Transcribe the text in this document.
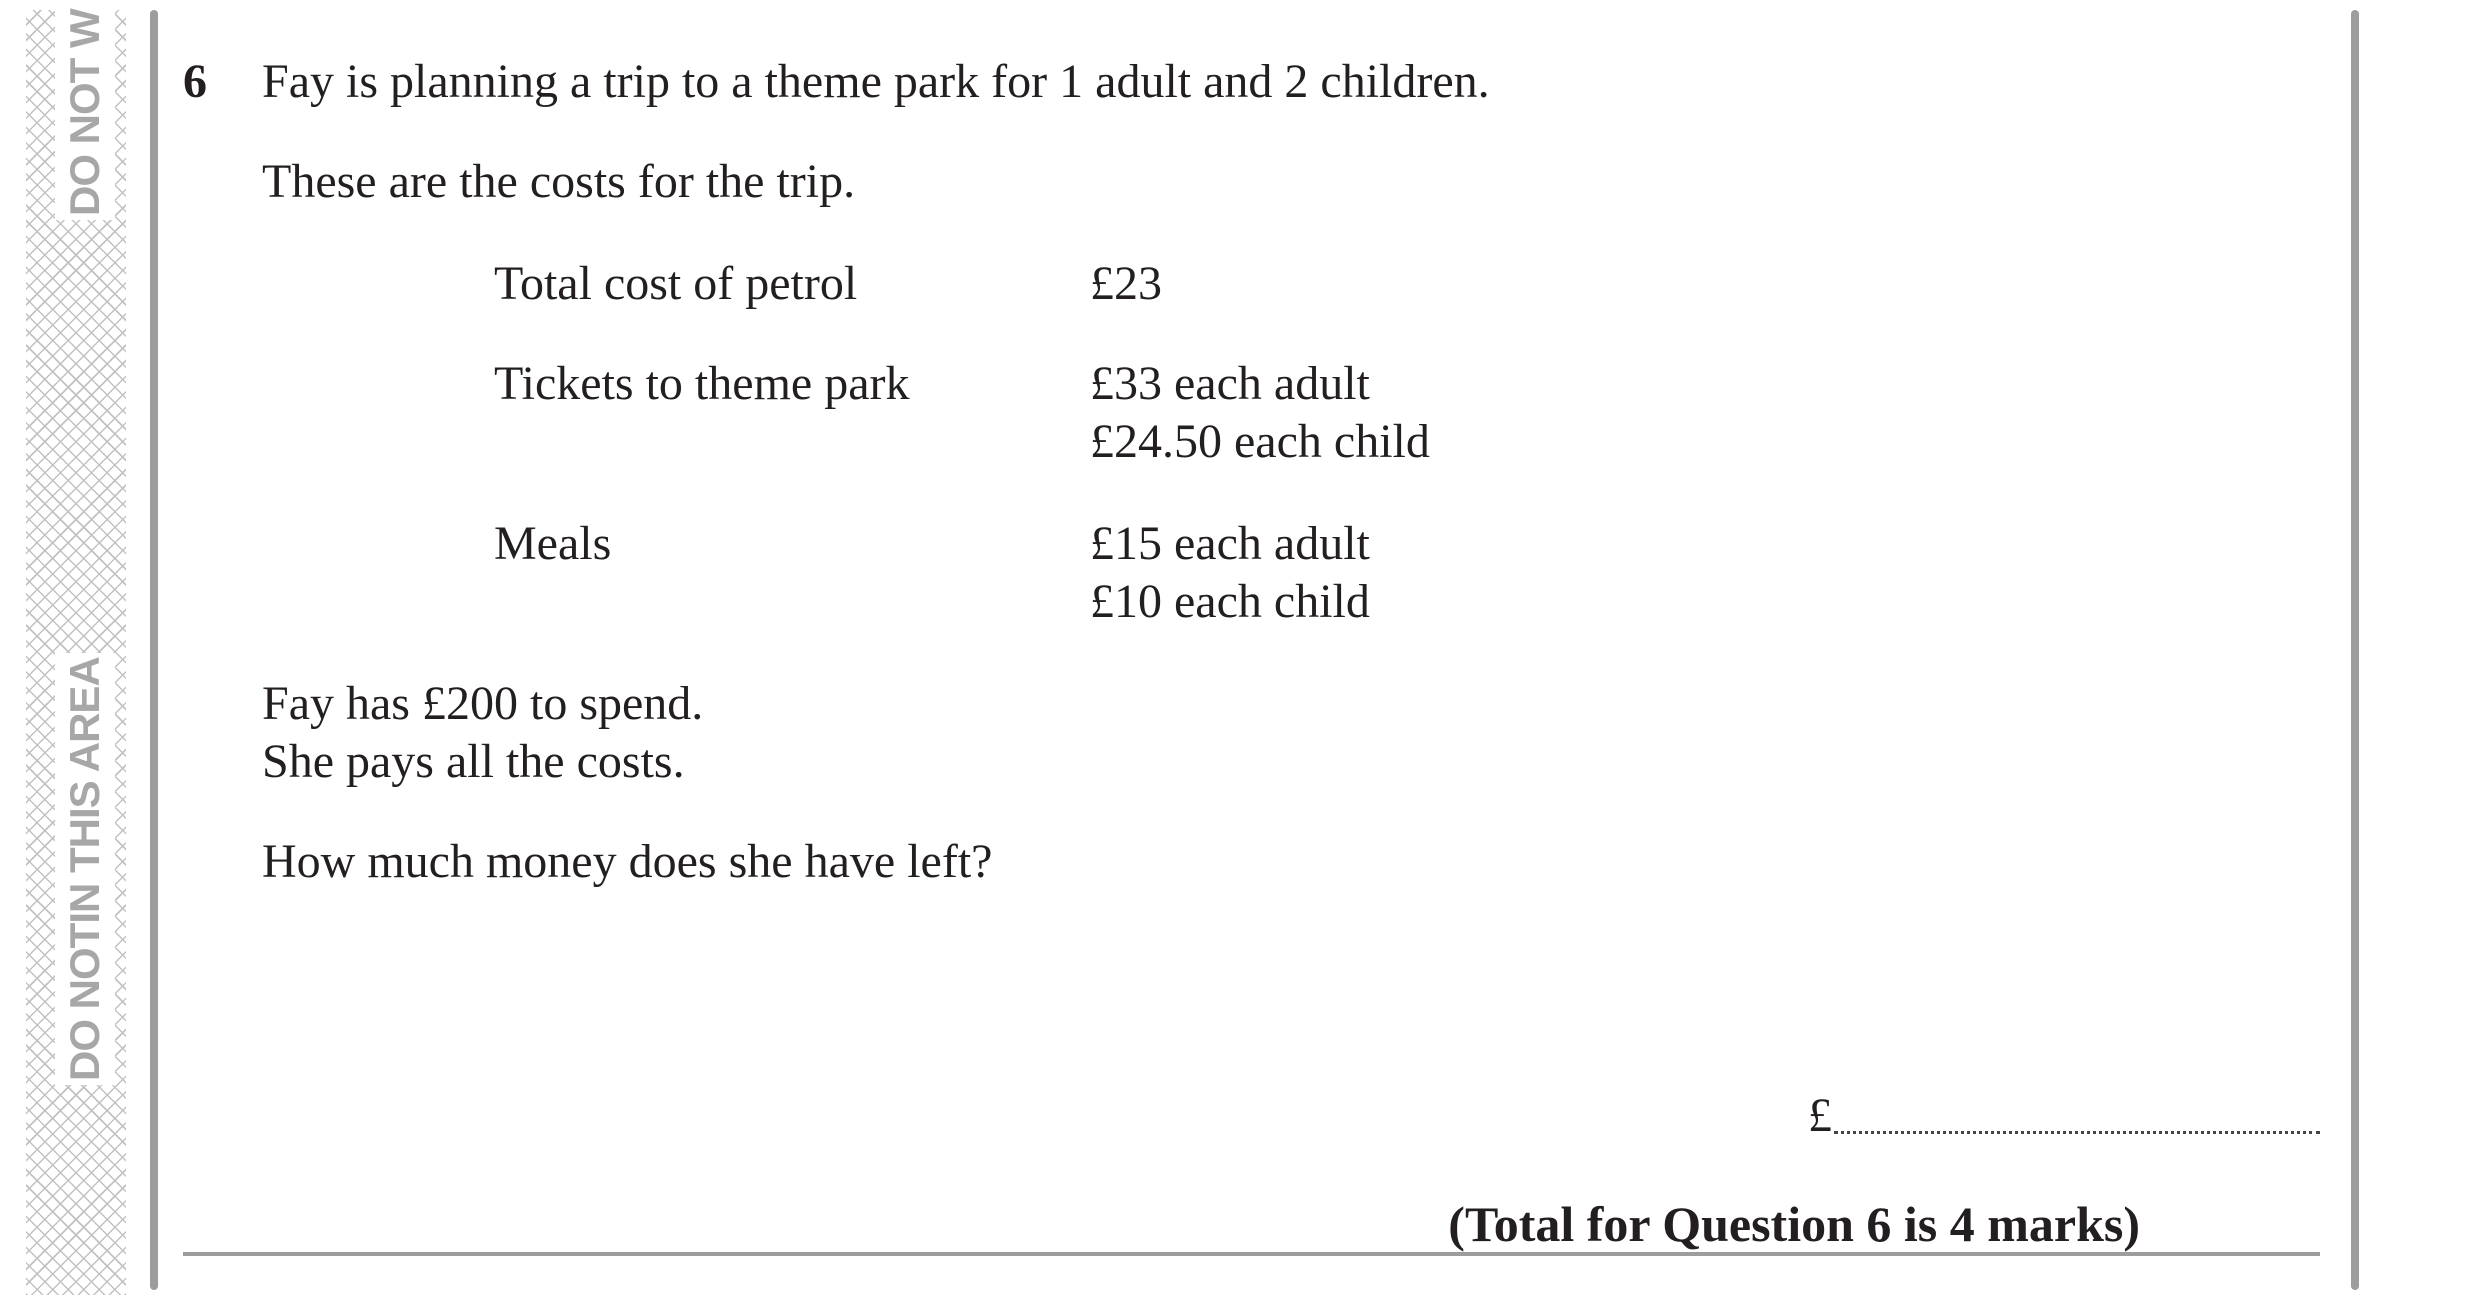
DO NOT W
DO NOTIN THIS AREA
6 Fay is planning a trip to a theme park for 1 adult and 2 children.
These are the costs for the trip.
Total cost of petrol	£23
Tickets to theme park	£33 each adult
£24.50 each child
Meals	£15 each adult
£10 each child
Fay has £200 to spend.
She pays all the costs.
How much money does she have left?
£
(Total for Question 6 is 4 marks)
